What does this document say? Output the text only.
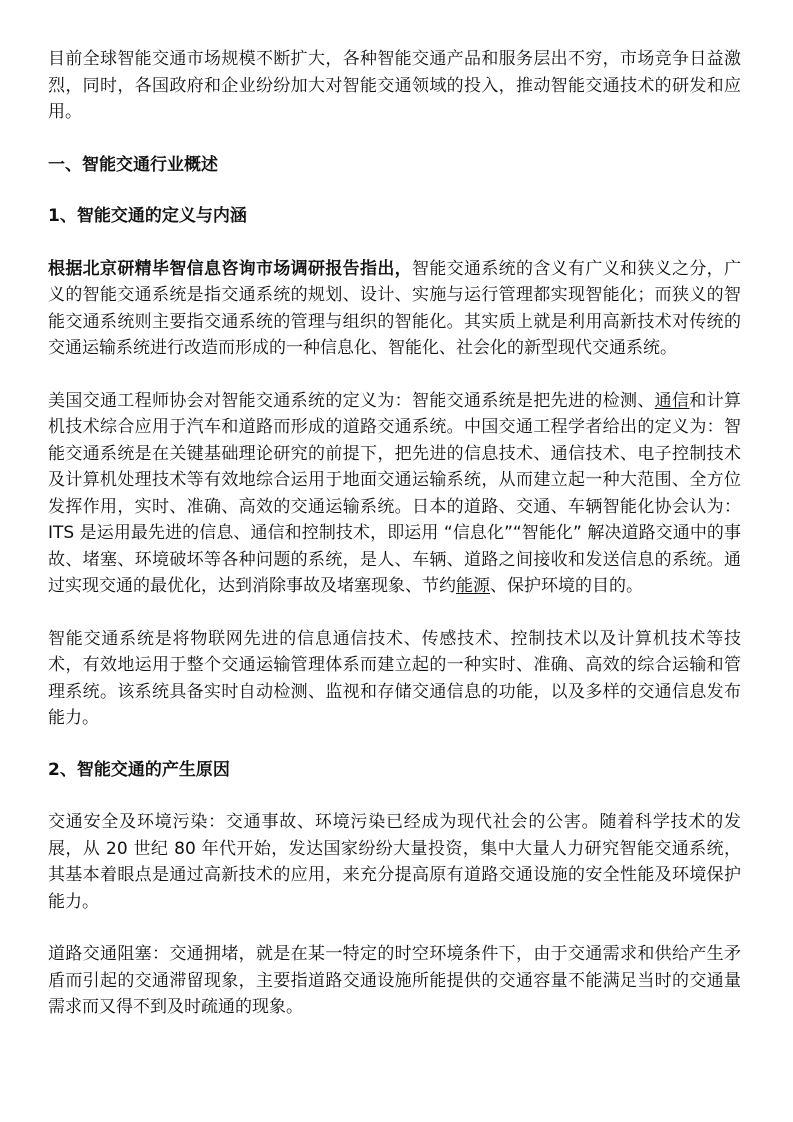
目前全球智能交通市场规模不断扩大，各种智能交通产品和服务层出不穷，市场竞争日益激烈，同时，各国政府和企业纷纷加大对智能交通领域的投入，推动智能交通技术的研发和应用。

一、智能交通行业概述
1、智能交通的定义与内涵

根据北京研精毕智信息咨询市场调研报告指出，智能交通系统的含义有广义和狭义之分，广义的智能交通系统是指交通系统的规划、设计、实施与运行管理都实现智能化；而狭义的智能交通系统则主要指交通系统的管理与组织的智能化。其实质上就是利用高新技术对传统的交通运输系统进行改造而形成的一种信息化、智能化、社会化的新型现代交通系统。

美国交通工程师协会对智能交通系统的定义为：智能交通系统是把先进的检测、通信和计算机技术综合应用于汽车和道路而形成的道路交通系统。中国交通工程学者给出的定义为：智能交通系统是在关键基础理论研究的前提下，把先进的信息技术、通信技术、电子控制技术及计算机处理技术等有效地综合运用于地面交通运输系统，从而建立起一种大范围、全方位发挥作用，实时、准确、高效的交通运输系统。日本的道路、交通、车辆智能化协会认为：ITS 是运用最先进的信息、通信和控制技术，即运用 “信息化”“智能化” 解决道路交通中的事故、堵塞、环境破坏等各种问题的系统，是人、车辆、道路之间接收和发送信息的系统。通过实现交通的最优化，达到消除事故及堵塞现象、节约能源、保护环境的目的。

智能交通系统是将物联网先进的信息通信技术、传感技术、控制技术以及计算机技术等技术，有效地运用于整个交通运输管理体系而建立起的一种实时、准确、高效的综合运输和管理系统。该系统具备实时自动检测、监视和存储交通信息的功能，以及多样的交通信息发布能力。

2、智能交通的产生原因

交通安全及环境污染：交通事故、环境污染已经成为现代社会的公害。随着科学技术的发展，从 20 世纪 80 年代开始，发达国家纷纷大量投资，集中大量人力研究智能交通系统，其基本着眼点是通过高新技术的应用，来充分提高原有道路交通设施的安全性能及环境保护能力。

道路交通阻塞：交通拥堵，就是在某一特定的时空环境条件下，由于交通需求和供给产生矛盾而引起的交通滞留现象，主要指道路交通设施所能提供的交通容量不能满足当时的交通量需求而又得不到及时疏通的现象。
